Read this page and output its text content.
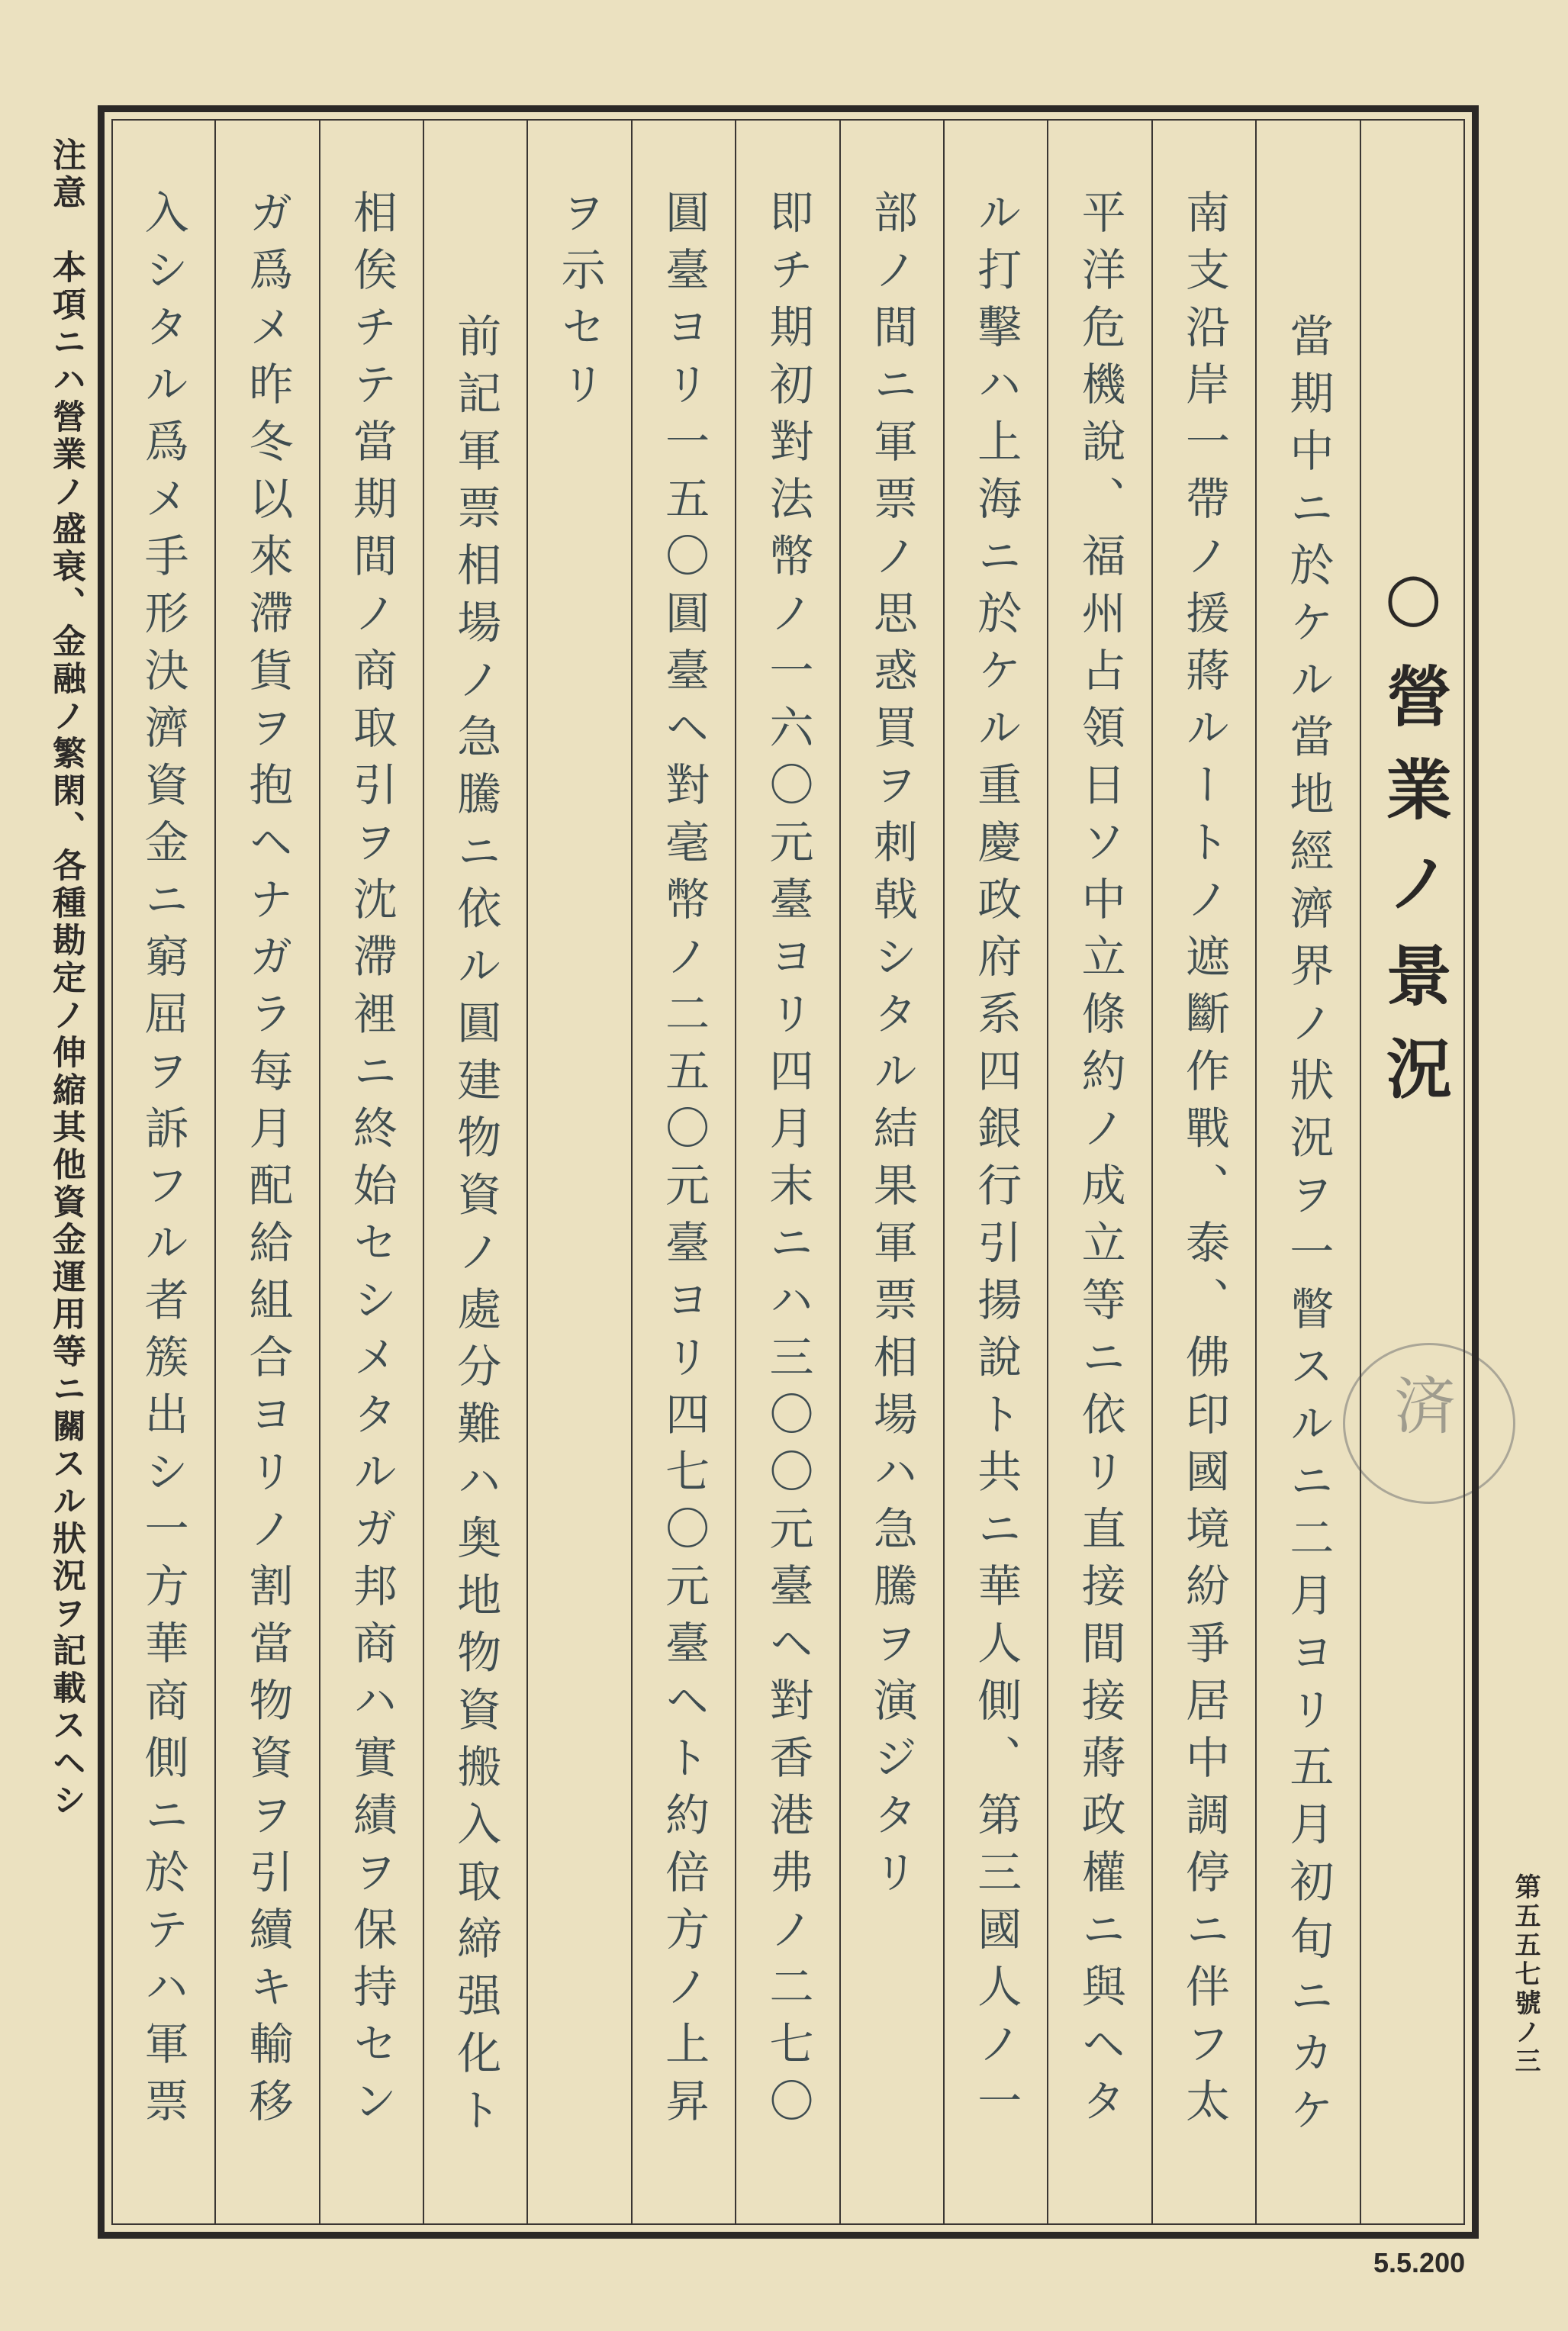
注意　本項ニハ營業ノ盛衰、金融ノ繁閑、各種勘定ノ伸縮其他資金運用等ニ關スル狀況ヲ記載スヘシ
第五五七號ノ三
5.5.200
済
○營業ノ景況
當期中ニ於ケル當地經濟界ノ狀況ヲ一瞥スルニ二月ヨリ五月初旬ニカケ
南支沿岸一帶ノ援蔣ルートノ遮斷作戰、泰、佛印國境紛爭居中調停ニ伴フ太
平洋危機說、福州占領日ソ中立條約ノ成立等ニ依リ直接間接蔣政權ニ與ヘタ
ル打擊ハ上海ニ於ケル重慶政府系四銀行引揚說ト共ニ華人側、第三國人ノ一
部ノ間ニ軍票ノ思惑買ヲ刺戟シタル結果軍票相場ハ急騰ヲ演ジタリ
即チ期初對法幣ノ一六〇元臺ヨリ四月末ニハ三〇〇元臺ヘ對香港弗ノ二七〇
圓臺ヨリ一五〇圓臺ヘ對毫幣ノ二五〇元臺ヨリ四七〇元臺ヘト約倍方ノ上昇
ヲ示セリ
前記軍票相場ノ急騰ニ依ル圓建物資ノ處分難ハ奥地物資搬入取締强化ト
相俟チテ當期間ノ商取引ヲ沈滯裡ニ終始セシメタルガ邦商ハ實績ヲ保持セン
ガ爲メ昨冬以來滯貨ヲ抱ヘナガラ每月配給組合ヨリノ割當物資ヲ引續キ輸移
入シタル爲メ手形決濟資金ニ窮屈ヲ訴フル者簇出シ一方華商側ニ於テハ軍票
